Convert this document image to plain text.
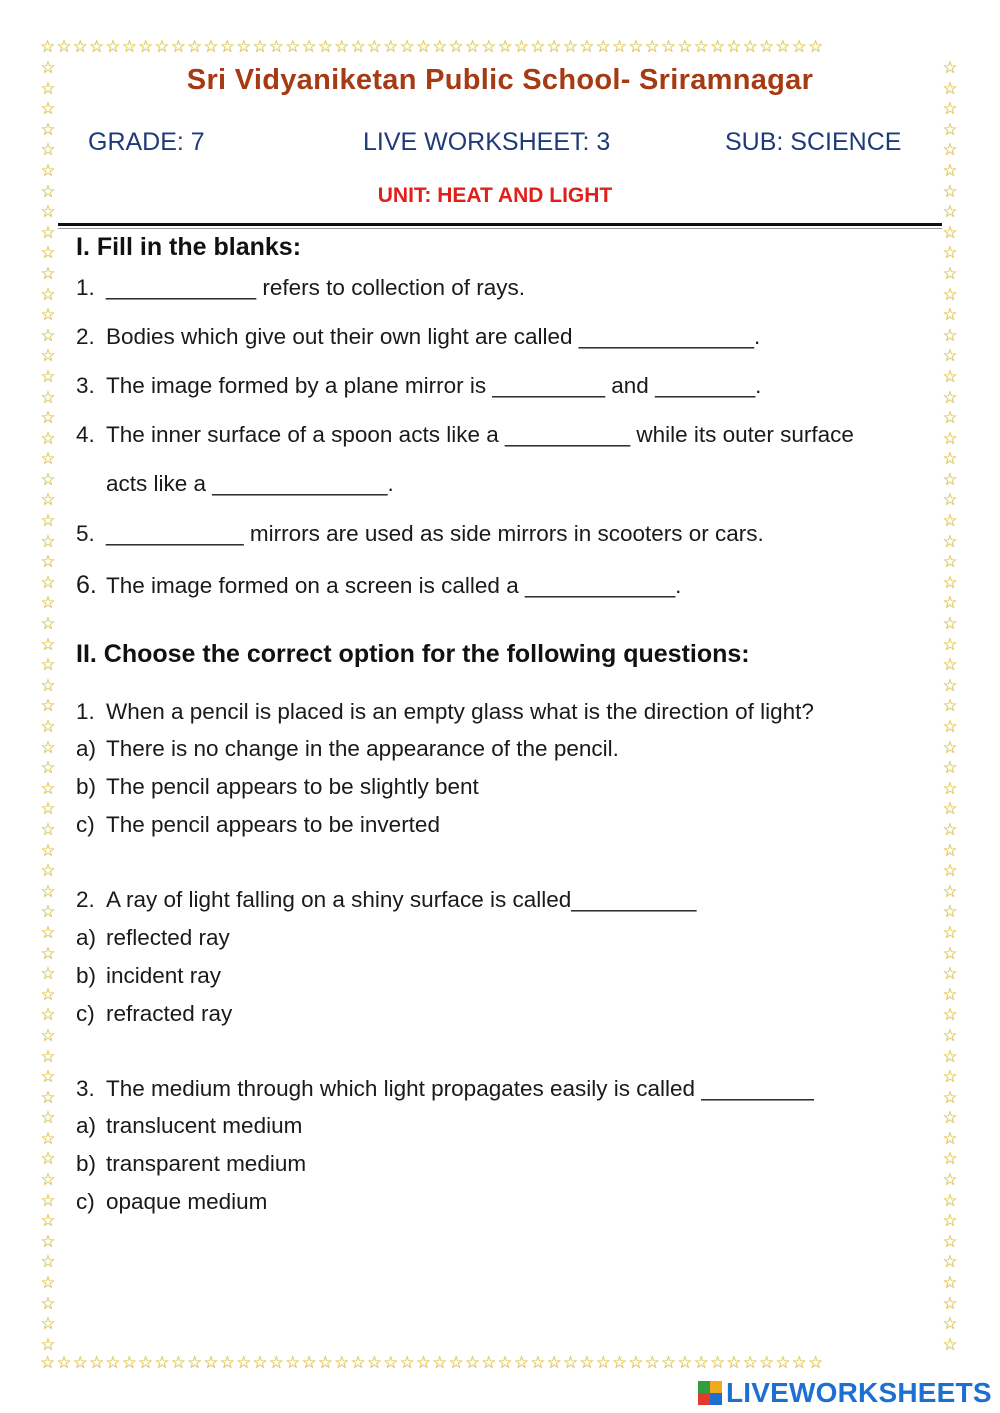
☆☆☆☆☆☆☆☆☆☆☆☆☆☆☆☆☆☆☆☆☆☆☆☆☆☆☆☆☆☆☆☆☆☆☆☆☆☆☆☆☆☆☆☆☆☆☆☆
☆☆☆☆☆☆☆☆☆☆☆☆☆☆☆☆☆☆☆☆☆☆☆☆☆☆☆☆☆☆☆☆☆☆☆☆☆☆☆☆☆☆☆☆☆☆☆☆
☆
☆
☆
☆
☆
☆
☆
☆
☆
☆
☆
☆
☆
☆
☆
☆
☆
☆
☆
☆
☆
☆
☆
☆
☆
☆
☆
☆
☆
☆
☆
☆
☆
☆
☆
☆
☆
☆
☆
☆
☆
☆
☆
☆
☆
☆
☆
☆
☆
☆
☆
☆
☆
☆
☆
☆
☆
☆
☆
☆
☆
☆
☆
☆
☆
☆
☆
☆
☆
☆
☆
☆
☆
☆
☆
☆
☆
☆
☆
☆
☆
☆
☆
☆
☆
☆
☆
☆
☆
☆
☆
☆
☆
☆
☆
☆
☆
☆
☆
☆
☆
☆
☆
☆
☆
☆
☆
☆
☆
☆
☆
☆
☆
☆
☆
☆
☆
☆
☆
☆
☆
☆
☆
☆
☆
☆
Sri Vidyaniketan Public School- Sriramnagar
GRADE: 7	LIVE WORKSHEET: 3	SUB: SCIENCE
UNIT: HEAT AND LIGHT
I. Fill in the blanks:
1. ____________ refers to collection of rays.
2. Bodies which give out their own light are called ______________.
3. The image formed by a plane mirror is _________ and ________.
4. The inner surface of a spoon acts like a __________ while its outer surface
acts like a ______________.
5. ___________ mirrors are used as side mirrors in scooters or cars.
6. The image formed on a screen is called a ____________.
II. Choose the correct option for the following questions:
1. When a pencil is placed is an empty glass what is the direction of light?
a) There is no change in the appearance of the pencil.
b) The pencil appears to be slightly bent
c) The pencil appears to be inverted
2. A ray of light falling on a shiny surface is called__________
a) reflected ray
b) incident ray
c) refracted ray
3. The medium through which light propagates easily is called _________
a) translucent medium
b) transparent medium
c) opaque medium
LIVEWORKSHEETS
